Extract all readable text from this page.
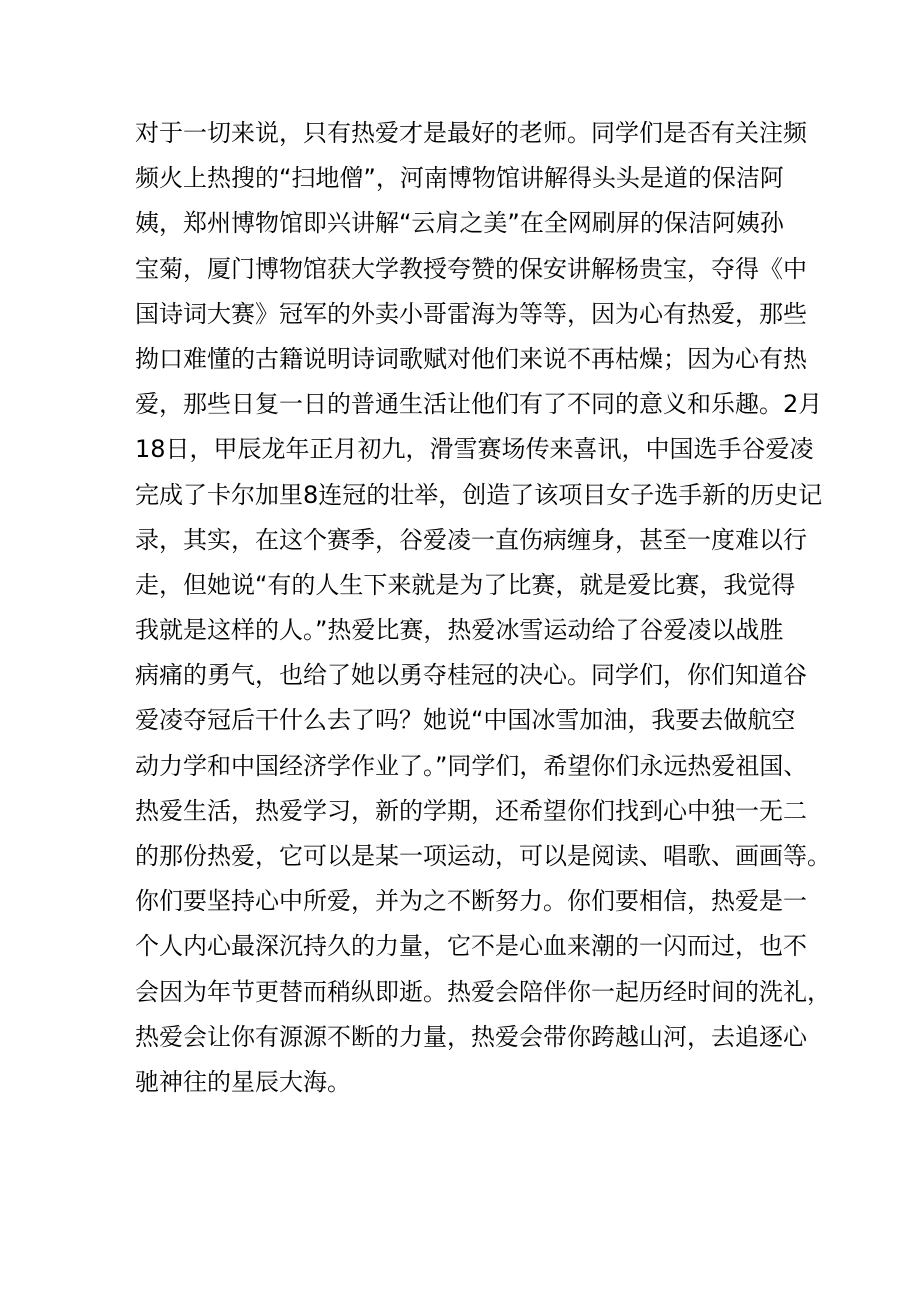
对于一切来说，只有热爱才是最好的老师。同学们是否有关注频
频火上热搜的“扫地僧”，河南博物馆讲解得头头是道的保洁阿
姨，郑州博物馆即兴讲解“云肩之美”在全网刷屏的保洁阿姨孙
宝菊，厦门博物馆获大学教授夸赞的保安讲解杨贵宝，夺得《中
国诗词大赛》冠军的外卖小哥雷海为等等，因为心有热爱，那些
拗口难懂的古籍说明诗词歌赋对他们来说不再枯燥；因为心有热
爱，那些日复一日的普通生活让他们有了不同的意义和乐趣。2月
18日，甲辰龙年正月初九，滑雪赛场传来喜讯，中国选手谷爱凌
完成了卡尔加里8连冠的壮举，创造了该项目女子选手新的历史记
录，其实，在这个赛季，谷爱凌一直伤病缠身，甚至一度难以行
走，但她说“有的人生下来就是为了比赛，就是爱比赛，我觉得
我就是这样的人。”热爱比赛，热爱冰雪运动给了谷爱凌以战胜
病痛的勇气，也给了她以勇夺桂冠的决心。同学们，你们知道谷
爱凌夺冠后干什么去了吗？她说“中国冰雪加油，我要去做航空
动力学和中国经济学作业了。”同学们，希望你们永远热爱祖国、
热爱生活，热爱学习，新的学期，还希望你们找到心中独一无二
的那份热爱，它可以是某一项运动，可以是阅读、唱歌、画画等。
你们要坚持心中所爱，并为之不断努力。你们要相信，热爱是一
个人内心最深沉持久的力量，它不是心血来潮的一闪而过，也不
会因为年节更替而稍纵即逝。热爱会陪伴你一起历经时间的洗礼，
热爱会让你有源源不断的力量，热爱会带你跨越山河，去追逐心
驰神往的星辰大海。
